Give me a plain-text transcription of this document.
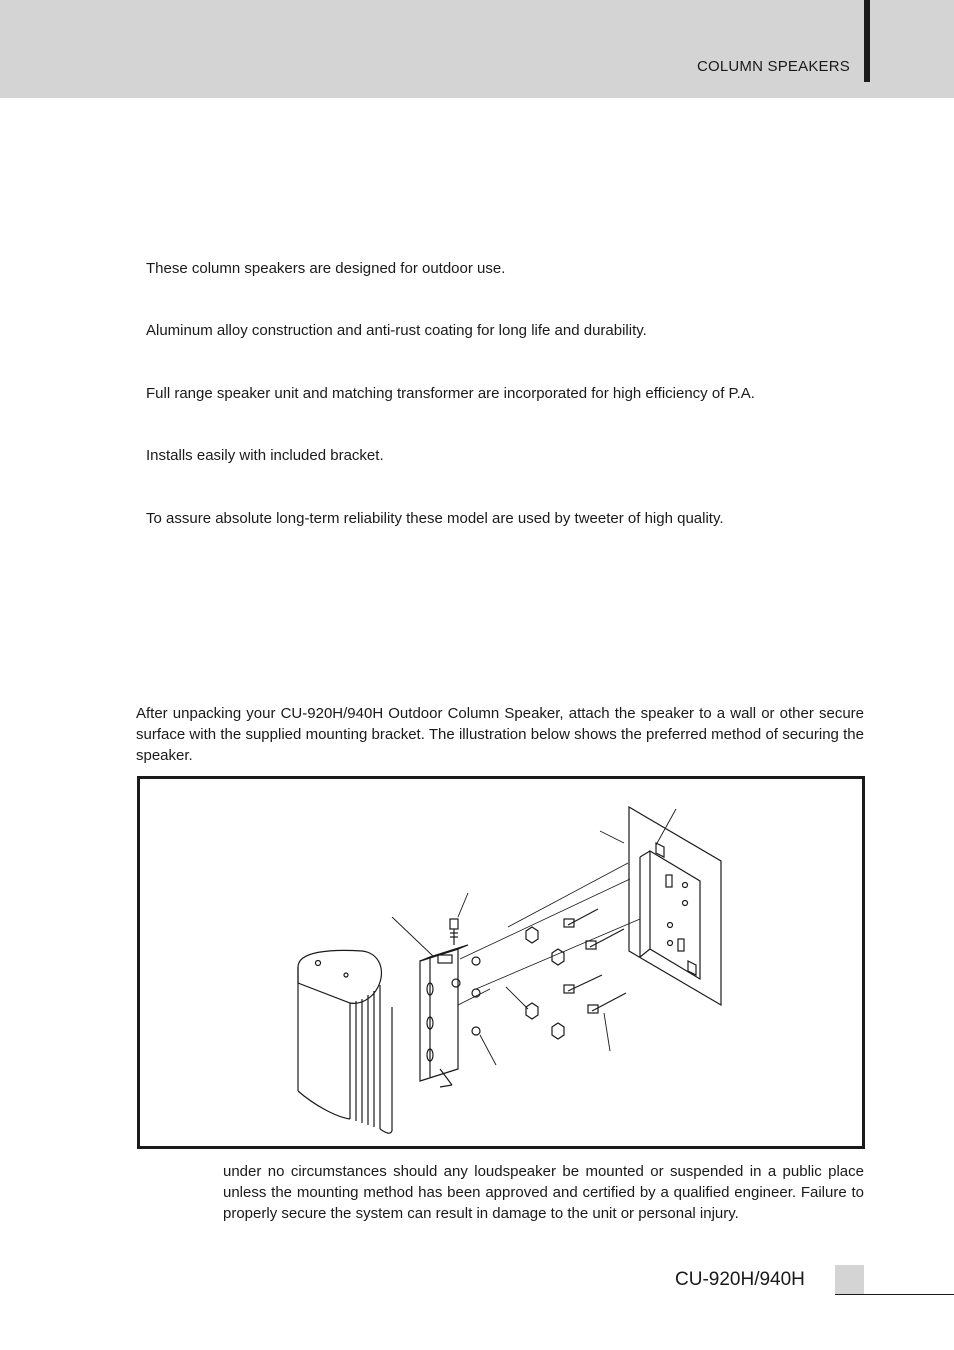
COLUMN SPEAKERS
These column speakers are designed for outdoor use.
Aluminum alloy construction and anti-rust coating for long life and durability.
Full range speaker unit and matching transformer are incorporated for high efficiency of P.A.
Installs easily with included bracket.
To assure absolute long-term reliability these model are used by tweeter of high quality.
After unpacking your CU-920H/940H Outdoor Column Speaker, attach the speaker to a wall or other secure surface with the supplied mounting bracket. The illustration below shows the preferred method of securing the speaker.
under no circumstances should any loudspeaker be mounted or suspended in a public place unless the mounting method has been approved and certified by a qualified engineer. Failure to properly secure the system can result in damage to the unit or personal injury.
CU-920H/940H
